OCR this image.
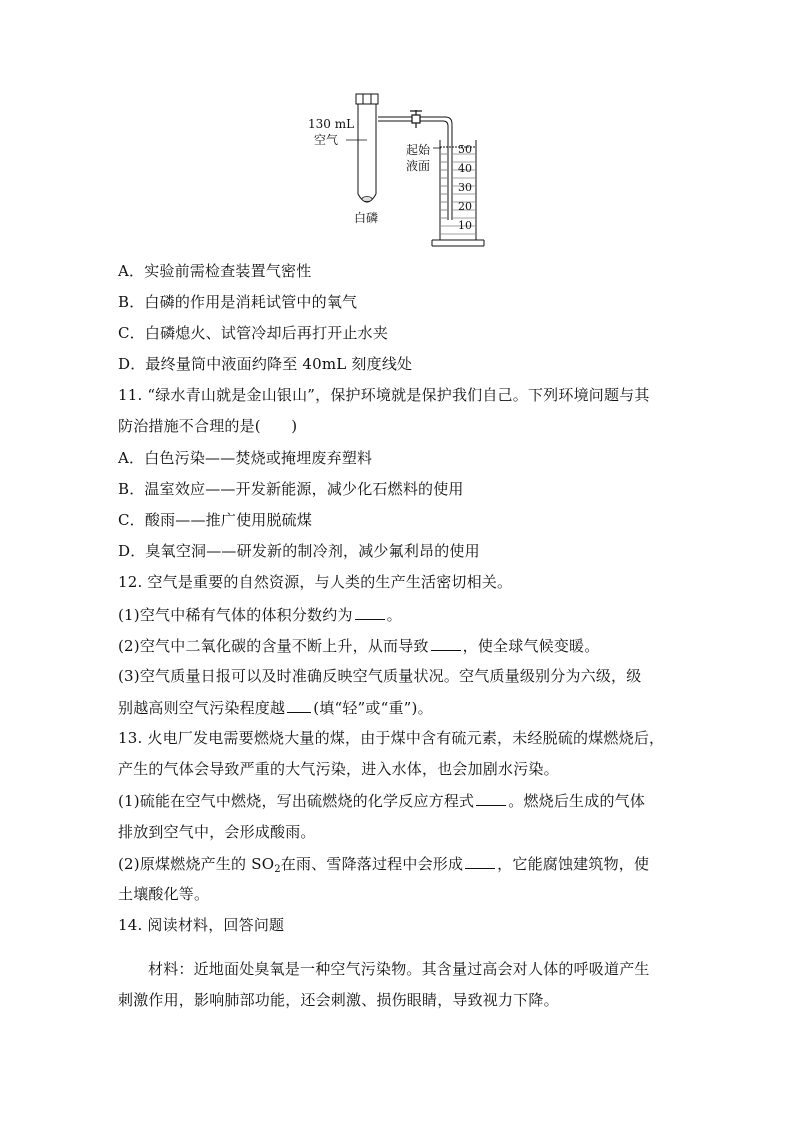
50
40
30
20
10
130 mL
空气
白磷
起始
液面
A．实验前需检查装置气密性
B．白磷的作用是消耗试管中的氧气
C．白磷熄火、试管冷却后再打开止水夹
D．最终量筒中液面约降至 40mL 刻度线处
11. “绿水青山就是金山银山”，保护环境就是保护我们自己。下列环境问题与其
防治措施不合理的是(　　)
A．白色污染——焚烧或掩埋废弃塑料
B．温室效应——开发新能源，减少化石燃料的使用
C．酸雨——推广使用脱硫煤
D．臭氧空洞——研发新的制冷剂，减少氟利昂的使用
12. 空气是重要的自然资源，与人类的生产生活密切相关。
(1)空气中稀有气体的体积分数约为 。
(2)空气中二氧化碳的含量不断上升，从而导致 ，使全球气候变暖。
(3)空气质量日报可以及时准确反映空气质量状况。空气质量级别分为六级，级
别越高则空气污染程度越 (填“轻”或“重”)。
13. 火电厂发电需要燃烧大量的煤，由于煤中含有硫元素，未经脱硫的煤燃烧后，
产生的气体会导致严重的大气污染，进入水体，也会加剧水污染。
(1)硫能在空气中燃烧，写出硫燃烧的化学反应方程式 。燃烧后生成的气体
排放到空气中，会形成酸雨。
(2)原煤燃烧产生的 $SO_2$在雨、雪降落过程中会形成 ，它能腐蚀建筑物，使
土壤酸化等。
14. 阅读材料，回答问题
材料：近地面处臭氧是一种空气污染物。其含量过高会对人体的呼吸道产生
刺激作用，影响肺部功能，还会刺激、损伤眼睛，导致视力下降。
